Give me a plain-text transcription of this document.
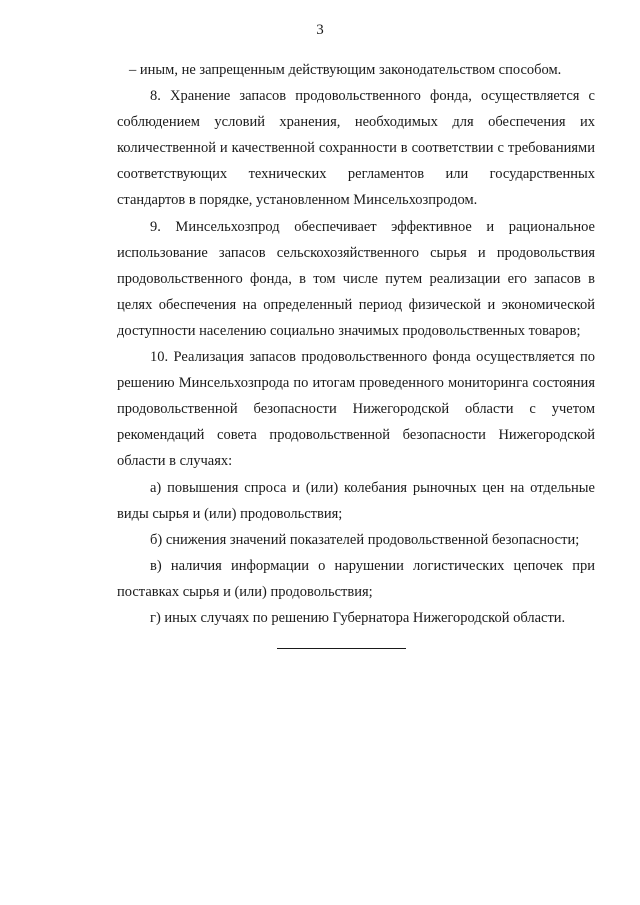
3

– иным, не запрещенным действующим законодательством способом.

8. Хранение запасов продовольственного фонда, осуществляется с соблюдением условий хранения, необходимых для обеспечения их количественной и качественной сохранности в соответствии с требованиями соответствующих технических регламентов или государственных стандартов в порядке, установленном Минсельхозпродом.

9. Минсельхозпрод обеспечивает эффективное и рациональное использование запасов сельскохозяйственного сырья и продовольствия продовольственного фонда, в том числе путем реализации его запасов в целях обеспечения на определенный период физической и экономической доступности населению социально значимых продовольственных товаров;

10. Реализация запасов продовольственного фонда осуществляется по решению Минсельхозпрода по итогам проведенного мониторинга состояния продовольственной безопасности Нижегородской области с учетом рекомендаций совета продовольственной безопасности Нижегородской области в случаях:

а) повышения спроса и (или) колебания рыночных цен на отдельные виды сырья и (или) продовольствия;

б) снижения значений показателей продовольственной безопасности;

в) наличия информации о нарушении логистических цепочек при поставках сырья и (или) продовольствия;

г) иных случаях по решению Губернатора Нижегородской области.
